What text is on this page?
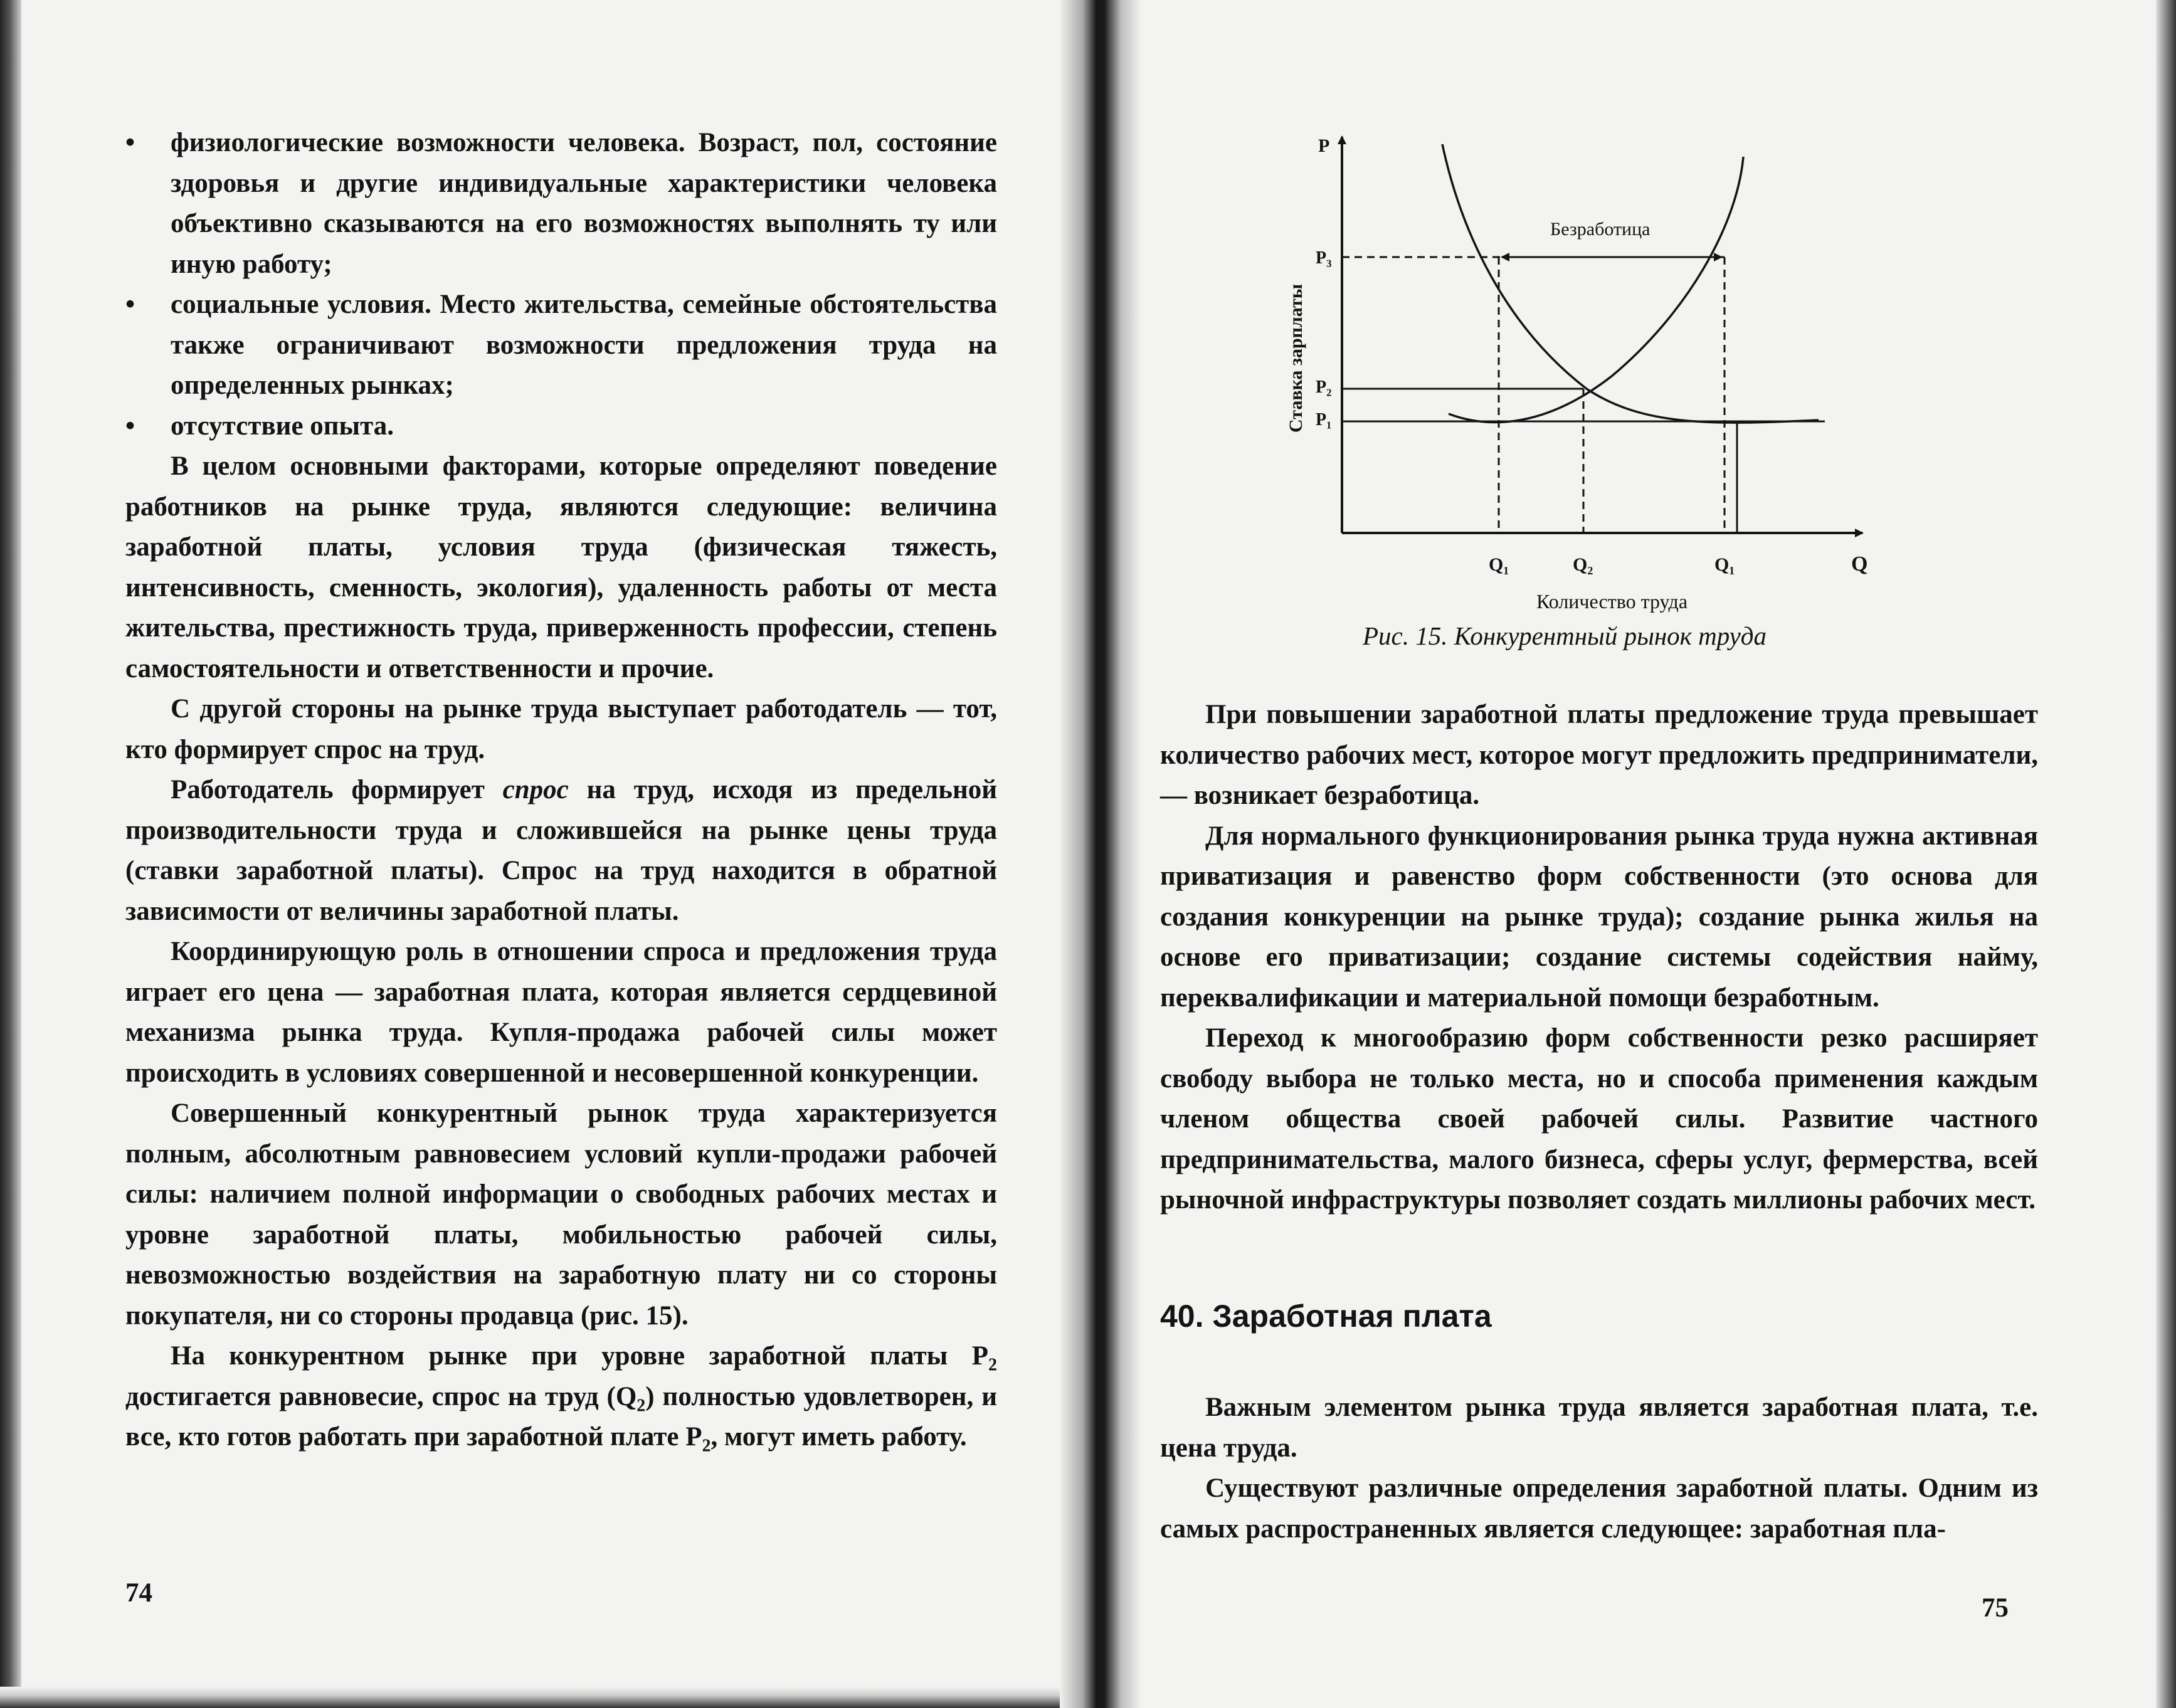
• физиологические возможности человека. Возраст, пол, состояние здоровья и другие индивидуальные характеристики человека объективно сказываются на его возможностях выполнять ту или иную работу;
• социальные условия. Место жительства, семейные обстоятельства также ограничивают возможности предложения труда на определенных рынках;
• отсутствие опыта.

В целом основными факторами, которые определяют поведение работников на рынке труда, являются следующие: величина заработной платы, условия труда (физическая тяжесть, интенсивность, сменность, экология), удаленность работы от места жительства, престижность труда, приверженность профессии, степень самостоятельности и ответственности и прочие.

С другой стороны на рынке труда выступает работодатель — тот, кто формирует спрос на труд.

Работодатель формирует спрос на труд, исходя из предельной производительности труда и сложившейся на рынке цены труда (ставки заработной платы). Спрос на труд находится в обратной зависимости от величины заработной платы.

Координирующую роль в отношении спроса и предложения труда играет его цена — заработная плата, которая является сердцевиной механизма рынка труда. Купля-продажа рабочей силы может происходить в условиях совершенной и несовершенной конкуренции.

Совершенный конкурентный рынок труда характеризуется полным, абсолютным равновесием условий купли-продажи рабочей силы: наличием полной информации о свободных рабочих местах и уровне заработной платы, мобильностью рабочей силы, невозможностью воздействия на заработную плату ни со стороны покупателя, ни со стороны продавца (рис. 15).

На конкурентном рынке при уровне заработной платы $P_2$ достигается равновесие, спрос на труд $(Q_2)$ полностью удовлетворен, и все, кто готов работать при заработной плате $P_2$, могут иметь работу.

74
P
Q
Безработица
P₃
P₂
P₁
Q₁	Q₂	Q₁
Количество труда
Ставка зарплаты
Рис. 15. Конкурентный рынок труда

При повышении заработной платы предложение труда превышает количество рабочих мест, которое могут предложить предприниматели, — возникает безработица.

Для нормального функционирования рынка труда нужна активная приватизация и равенство форм собственности (это основа для создания конкуренции на рынке труда); создание рынка жилья на основе его приватизации; создание системы содействия найму, переквалификации и материальной помощи безработным.

Переход к многообразию форм собственности резко расширяет свободу выбора не только места, но и способа применения каждым членом общества своей рабочей силы. Развитие частного предпринимательства, малого бизнеса, сферы услуг, фермерства, всей рыночной инфраструктуры позволяет создать миллионы рабочих мест.

40. Заработная плата

Важным элементом рынка труда является заработная плата, т.е. цена труда.

Существуют различные определения заработной платы. Одним из самых распространенных является следующее: заработная пла-

75
